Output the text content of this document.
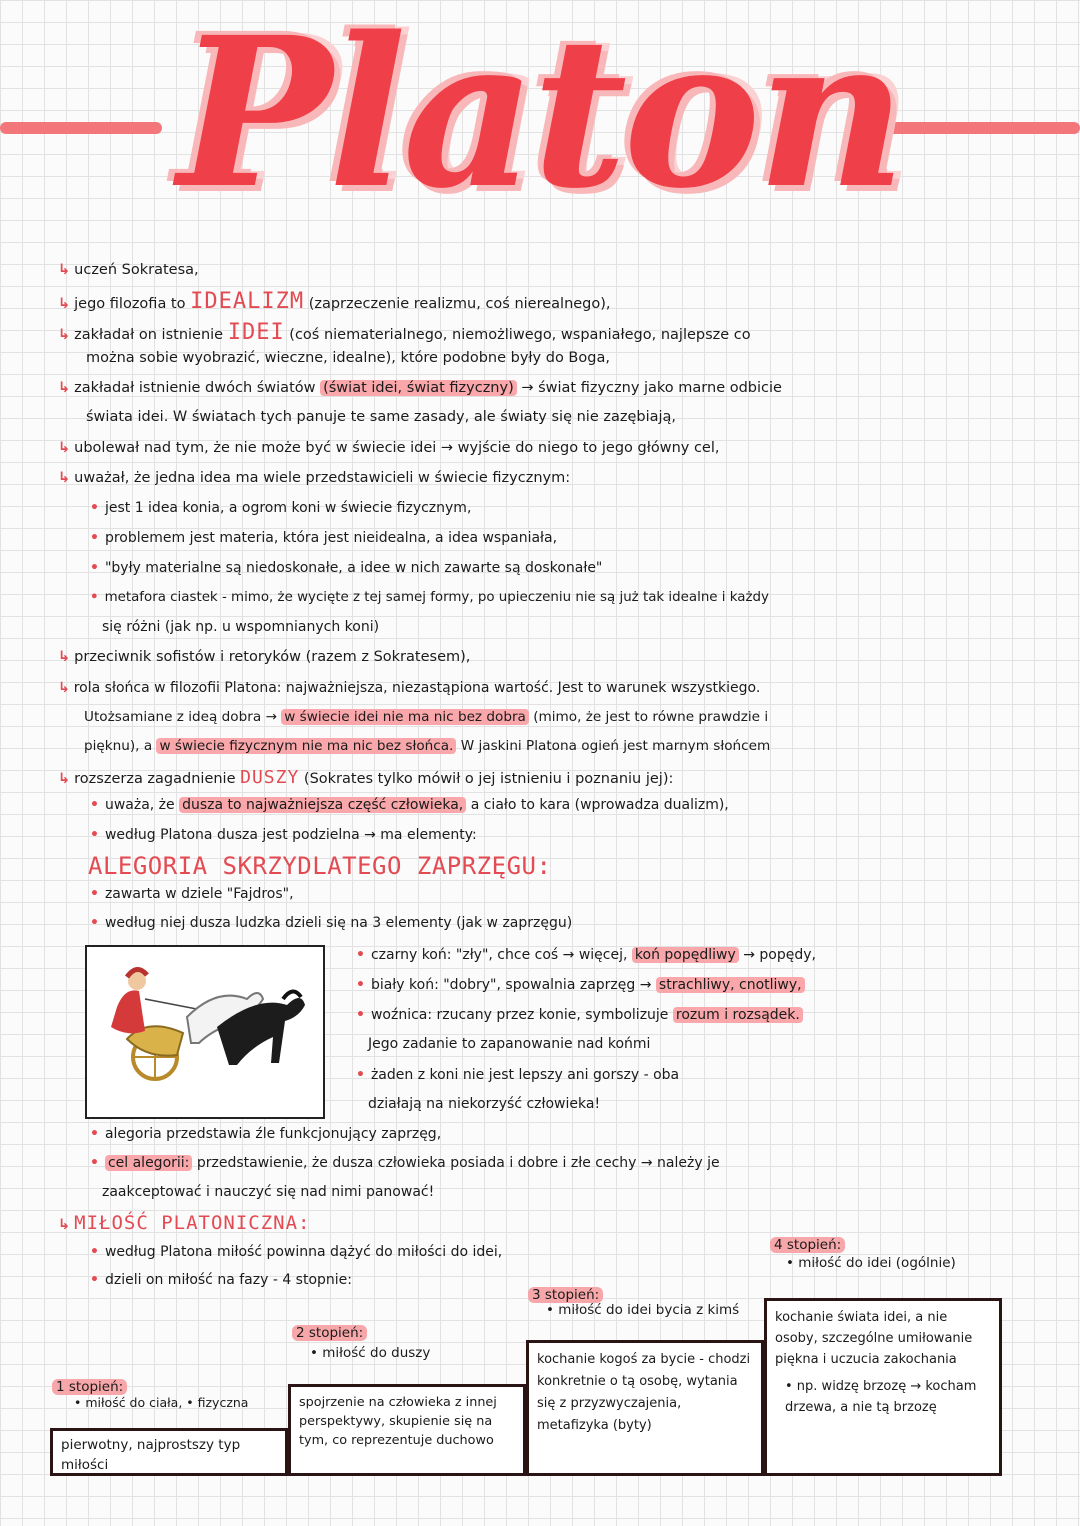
Platon
↳ uczeń Sokratesa,
↳ jego filozofia to IDEALIZM (zaprzeczenie realizmu, coś nierealnego),
↳ zakładał on istnienie IDEI (coś niematerialnego, niemożliwego, wspaniałego, najlepsze co
można sobie wyobrazić, wieczne, idealne), które podobne były do Boga,
↳ zakładał istnienie dwóch światów (świat idei, świat fizyczny) → świat fizyczny jako marne odbicie
świata idei. W światach tych panuje te same zasady, ale światy się nie zazębiają,
↳ ubolewał nad tym, że nie może być w świecie idei → wyjście do niego to jego główny cel,
↳ uważał, że jedna idea ma wiele przedstawicieli w świecie fizycznym:
• jest 1 idea konia, a ogrom koni w świecie fizycznym,
• problemem jest materia, która jest nieidealna, a idea wspaniała,
• "były materialne są niedoskonałe, a idee w nich zawarte są doskonałe"
• metafora ciastek - mimo, że wycięte z tej samej formy, po upieczeniu nie są już tak idealne i każdy
się różni (jak np. u wspomnianych koni)
↳ przeciwnik sofistów i retoryków (razem z Sokratesem),
↳ rola słońca w filozofii Platona: najważniejsza, niezastąpiona wartość. Jest to warunek wszystkiego.
Utożsamiane z ideą dobra → w świecie idei nie ma nic bez dobra (mimo, że jest to równe prawdzie i
pięknu), a w świecie fizycznym nie ma nic bez słońca. W jaskini Platona ogień jest marnym słońcem
↳ rozszerza zagadnienie DUSZY (Sokrates tylko mówił o jej istnieniu i poznaniu jej):
• uważa, że dusza to najważniejsza część człowieka, a ciało to kara (wprowadza dualizm),
• według Platona dusza jest podzielna → ma elementy:
ALEGORIA SKRZYDLATEGO ZAPRZĘGU:
• zawarta w dziele "Fajdros",
• według niej dusza ludzka dzieli się na 3 elementy (jak w zaprzęgu)
• czarny koń: "zły", chce coś → więcej, koń popędliwy → popędy,
• biały koń: "dobry", spowalnia zaprzęg → strachliwy, cnotliwy,
• woźnica: rzucany przez konie, symbolizuje rozum i rozsądek.
Jego zadanie to zapanowanie nad końmi
• żaden z koni nie jest lepszy ani gorszy - oba
działają na niekorzyść człowieka!
• alegoria przedstawia źle funkcjonujący zaprzęg,
• cel alegorii: przedstawienie, że dusza człowieka posiada i dobre i złe cechy → należy je
zaakceptować i nauczyć się nad nimi panować!
↳ MIŁOŚĆ PLATONICZNA:
• według Platona miłość powinna dążyć do miłości do idei,
• dzieli on miłość na fazy - 4 stopnie:
1 stopień:
• miłość do ciała, • fizyczna
pierwotny, najprostszy typ miłości
2 stopień:
• miłość do duszy
spojrzenie na człowieka z innej perspektywy, skupienie się na tym, co reprezentuje duchowo
3 stopień:
• miłość do idei bycia z kimś
kochanie kogoś za bycie - chodzi konkretnie o tą osobę, wytania się z przyzwyczajenia, metafizyka (byty)
4 stopień:
• miłość do idei (ogólnie)
kochanie świata idei, a nie osoby, szczególne umiłowanie piękna i uczucia zakochania
• np. widzę brzozę → kocham drzewa, a nie tą brzozę
